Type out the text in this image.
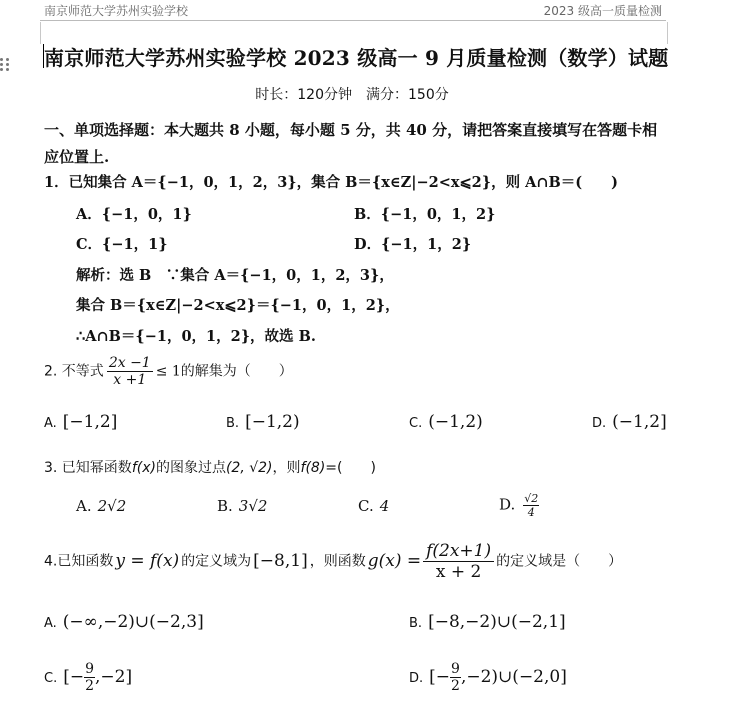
南京师范大学苏州实验学校	2023 级高一质量检测
南京师范大学苏州实验学校 2023 级高一 9 月质量检测（数学）试题
时长：120分钟 满分：150分
一、单项选择题：本大题共 8 小题，每小题 5 分，共 40 分，请把答案直接填写在答题卡相应位置上.
1．已知集合 A＝{−1，0，1，2，3}，集合 B＝{x∈Z|−2<x⩽2}，则 A∩B＝(　　)
A．{−1，0，1}	B．{−1，0，1，2}
C．{−1，1}	D．{−1，1，2}
解析：选 B　∵集合 A＝{−1，0，1，2，3}，
集合 B＝{x∈Z|−2<x⩽2}＝{−1，0，1，2}，
∴A∩B＝{−1，0，1，2}，故选 B.
2. 不等式 $\frac{2x -1}{x +1} \le 1$的解集为（　　）
A. [−1,2]	B. [−1,2)	C. (−1,2)	D. (−1,2]
3. 已知幂函数f(x)的图象过点(2, √2)，则f(8)=(　　)
A. 2√2	B. 3√2	C. 4	D. $\frac{√2}{4}$
4.已知函数 y = f(x) 的定义域为 [−8,1] ，则函数 $g(x) = \frac{f(2x+1)}{x + 2}$ 的定义域是（　　）
A. (−∞,−2)∪(−2,3]	B. [−8,−2)∪(−2,1]
C. [− $\frac{9}{2} ,-2$]	D. [− $\frac{9}{2}$ ,−2)∪(−2,0]
